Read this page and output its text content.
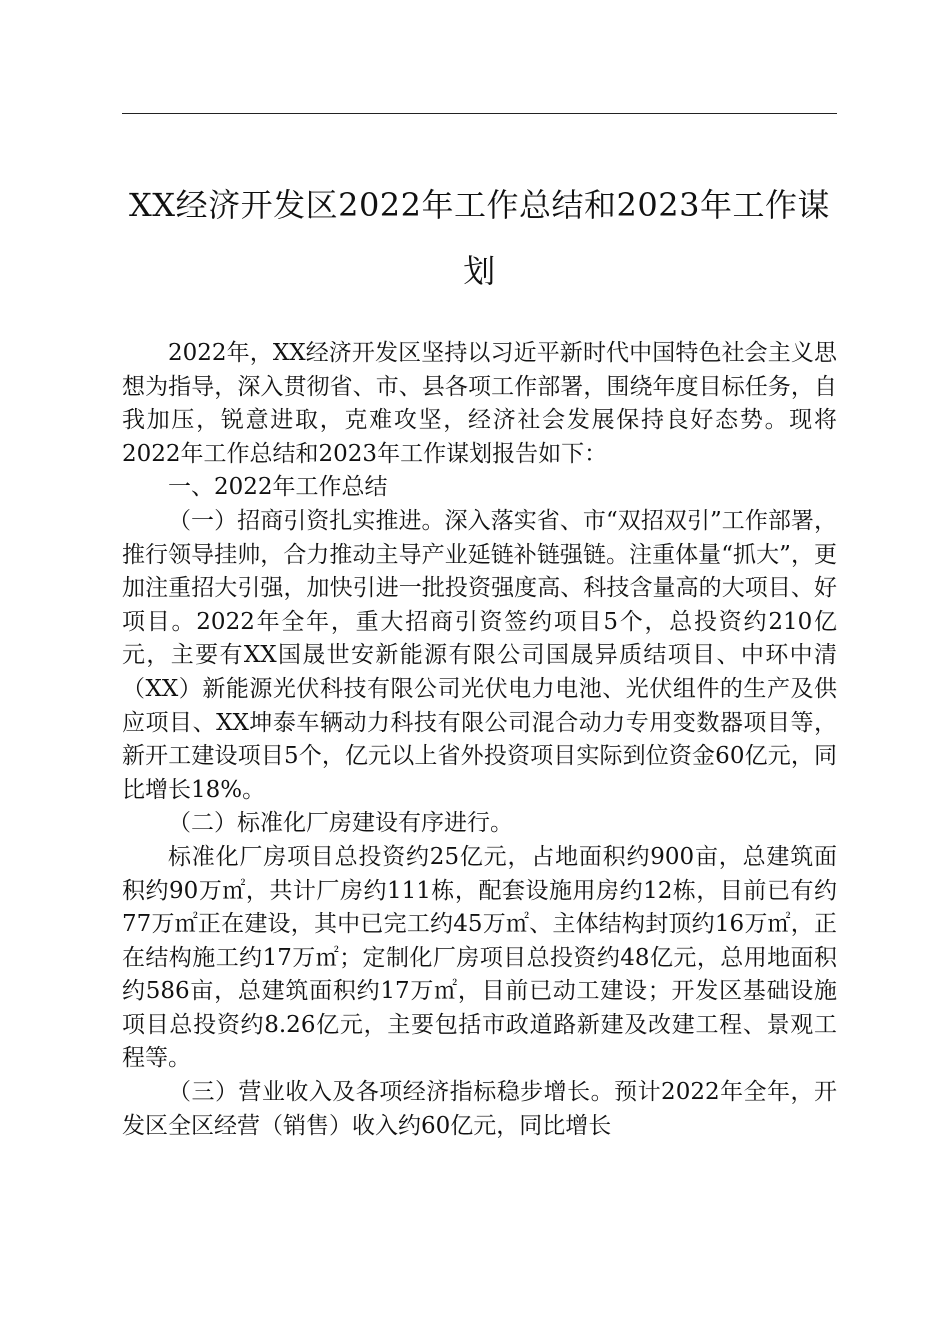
XX经济开发区2022年工作总结和2023年工作谋划

2022年，XX经济开发区坚持以习近平新时代中国特色社会主义思想为指导，深入贯彻省、市、县各项工作部署，围绕年度目标任务，自我加压，锐意进取，克难攻坚，经济社会发展保持良好态势。现将2022年工作总结和2023年工作谋划报告如下：

一、2022年工作总结

（一）招商引资扎实推进。深入落实省、市“双招双引”工作部署，推行领导挂帅，合力推动主导产业延链补链强链。注重体量“抓大”，更加注重招大引强，加快引进一批投资强度高、科技含量高的大项目、好项目。2022年全年，重大招商引资签约项目5个，总投资约210亿元，主要有XX国晟世安新能源有限公司国晟异质结项目、中环中清（XX）新能源光伏科技有限公司光伏电力电池、光伏组件的生产及供应项目、XX坤泰车辆动力科技有限公司混合动力专用变数器项目等，新开工建设项目5个，亿元以上省外投资项目实际到位资金60亿元，同比增长18%。

（二）标准化厂房建设有序进行。

标准化厂房项目总投资约25亿元，占地面积约900亩，总建筑面积约90万㎡，共计厂房约111栋，配套设施用房约12栋，目前已有约77万㎡正在建设，其中已完工约45万㎡、主体结构封顶约16万㎡，正在结构施工约17万㎡；定制化厂房项目总投资约48亿元，总用地面积约586亩，总建筑面积约17万㎡，目前已动工建设；开发区基础设施项目总投资约8.26亿元，主要包括市政道路新建及改建工程、景观工程等。

（三）营业收入及各项经济指标稳步增长。预计2022年全年，开发区全区经营（销售）收入约60亿元，同比增长
